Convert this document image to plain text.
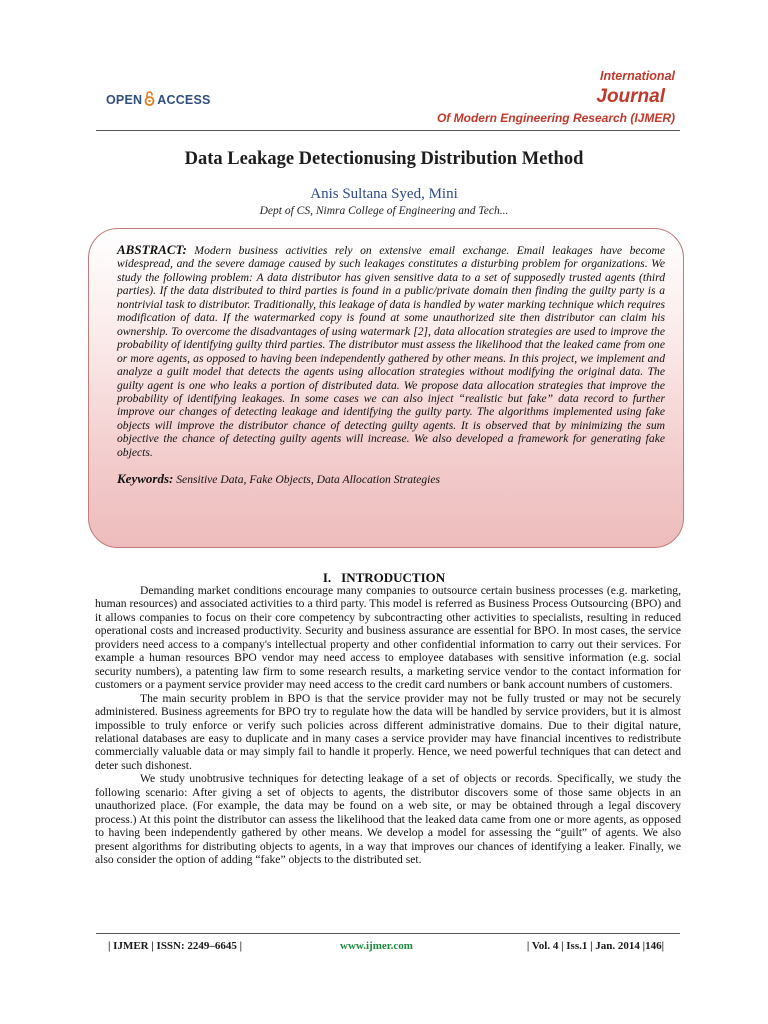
OPEN ACCESS
International
Journal
Of Modern Engineering Research (IJMER)
Data Leakage Detectionusing Distribution Method
Anis Sultana Syed, Mini
Dept of CS, Nimra College of Engineering and Tech...
ABSTRACT: Modern business activities rely on extensive email exchange. Email leakages have become widespread, and the severe damage caused by such leakages constitutes a disturbing problem for organizations. We study the following problem: A data distributor has given sensitive data to a set of supposedly trusted agents (third parties). If the data distributed to third parties is found in a public/private domain then finding the guilty party is a nontrivial task to distributor. Traditionally, this leakage of data is handled by water marking technique which requires modification of data. If the watermarked copy is found at some unauthorized site then distributor can claim his ownership. To overcome the disadvantages of using watermark [2], data allocation strategies are used to improve the probability of identifying guilty third parties. The distributor must assess the likelihood that the leaked came from one or more agents, as opposed to having been independently gathered by other means. In this project, we implement and analyze a guilt model that detects the agents using allocation strategies without modifying the original data. The guilty agent is one who leaks a portion of distributed data. We propose data allocation strategies that improve the probability of identifying leakages. In some cases we can also inject “realistic but fake” data record to further improve our changes of detecting leakage and identifying the guilty party. The algorithms implemented using fake objects will improve the distributor chance of detecting guilty agents. It is observed that by minimizing the sum objective the chance of detecting guilty agents will increase. We also developed a framework for generating fake objects.
Keywords: Sensitive Data, Fake Objects, Data Allocation Strategies
I. INTRODUCTION

Demanding market conditions encourage many companies to outsource certain business processes (e.g. marketing, human resources) and associated activities to a third party. This model is referred as Business Process Outsourcing (BPO) and it allows companies to focus on their core competency by subcontracting other activities to specialists, resulting in reduced operational costs and increased productivity. Security and business assurance are essential for BPO. In most cases, the service providers need access to a company's intellectual property and other confidential information to carry out their services. For example a human resources BPO vendor may need access to employee databases with sensitive information (e.g. social security numbers), a patenting law firm to some research results, a marketing service vendor to the contact information for customers or a payment service provider may need access to the credit card numbers or bank account numbers of customers.

The main security problem in BPO is that the service provider may not be fully trusted or may not be securely administered. Business agreements for BPO try to regulate how the data will be handled by service providers, but it is almost impossible to truly enforce or verify such policies across different administrative domains. Due to their digital nature, relational databases are easy to duplicate and in many cases a service provider may have financial incentives to redistribute commercially valuable data or may simply fail to handle it properly. Hence, we need powerful techniques that can detect and deter such dishonest.

We study unobtrusive techniques for detecting leakage of a set of objects or records. Specifically, we study the following scenario: After giving a set of objects to agents, the distributor discovers some of those same objects in an unauthorized place. (For example, the data may be found on a web site, or may be obtained through a legal discovery process.) At this point the distributor can assess the likelihood that the leaked data came from one or more agents, as opposed to having been independently gathered by other means. We develop a model for assessing the “guilt” of agents. We also present algorithms for distributing objects to agents, in a way that improves our chances of identifying a leaker. Finally, we also consider the option of adding “fake” objects to the distributed set.

| IJMER | ISSN: 2249–6645 |	www.ijmer.com	| Vol. 4 | Iss.1 | Jan. 2014 |146|
